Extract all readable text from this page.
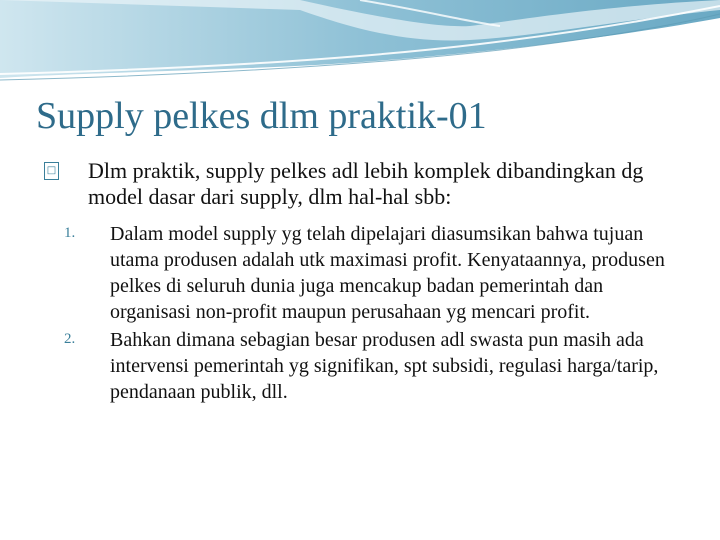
Supply pelkes dlm praktik-01
□ Dlm praktik, supply pelkes adl lebih komplek dibandingkan dg model dasar dari supply, dlm hal-hal sbb:
1. Dalam model supply yg telah dipelajari diasumsikan bahwa tujuan utama produsen adalah utk maximasi profit. Kenyataannya, produsen pelkes di seluruh dunia juga mencakup badan pemerintah dan organisasi non-profit maupun perusahaan yg mencari profit.
2. Bahkan dimana sebagian besar produsen adl swasta pun masih ada intervensi pemerintah yg signifikan, spt subsidi, regulasi harga/tarip, pendanaan publik, dll.
